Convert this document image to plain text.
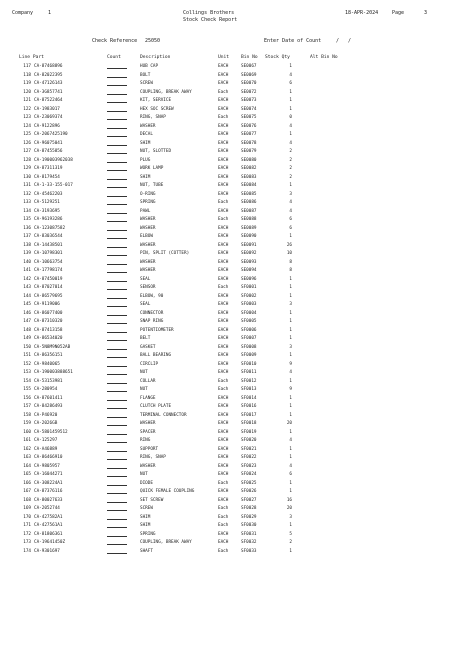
Company	1	Collings Brothers
Stock Check Report
18-APR-2024	Page	3
Check Reference 25050	Enter Date of Count	/   /
Line Part	Count	Description	Unit	Bin No Stock Qty	Alt Bin No
117 CA-87468896	HUB CAP	EACH	SE0067	1
118 CA-82022395	BOLT	EACH	SE0069	4
119 CA-47126143	SCREW	EACH	SE0070	6
120 CA-3G857741	COUPLING, BREAK AWAY	Each	SE0072	1
121 CA-87522464	KIT, SERVICE	EACH	SE0073	1
122 CA-1983017	HEX SOC SCREW	EACH	SE0074	1
123 CA-23069374	RING, SNAP	Each	SE0075	0
124 CA-9122896	WASHER	EACH	SE0076	4
125 CA-2067425190	DECAL	EACH	SE0077	1
126 CA-96075041	SHIM	EACH	SE0078	4
127 CA-87455856	NUT, SLOTTED	EACH	SE0079	2
128 CA-190003962038	PLUG	EACH	SE0080	2
129 CA-87311319	WORK LAMP	EACH	SE0082	2
130 CA-8179454	SHIM	EACH	SE0083	2
131 CA-1-33-155-017	NUT, TUBE	EACH	SE0084	1
132 CA-45462203	O-RING	EACH	SE0085	3
133 CA-5129251	SPRING	Each	SE0086	4
134 CA-3193695	PAWL	EACH	SE0087	4
135 CA-96193286	WASHER	Each	SE0088	6
136 CA-123087582	WASHER	EACH	SE0089	6
137 CA-83036544	ELBOW	EACH	SE0090	1
138 CA-14438501	WASHER	EACH	SE0091	26
139 CA-10798301	PIN, SPLIT (COTTER)	EACH	SE0092	10
140 CA-10663754	WASHER	EACH	SE0093	8
141 CA-17798174	WASHER	EACH	SE0094	8
142 CA-87450019	SEAL	EACH	SE0096	1
143 CA-87027014	SENSOR	Each	SF0001	1
144 CA-86579695	ELBOW, 90	EACH	SF0002	1
145 CA-9119006	SEAL	EACH	SF0003	3
146 CA-86077400	CONNECTOR	EACH	SF0004	1
147 CA-87310320	SNAP RING	EACH	SF0005	1
148 CA-87413158	POTENTIOMETER	EACH	SF0006	1
149 CA-86534020	BELT	EACH	SF0007	1
150 CA-5N8M9N052AB	GASKET	EACH	SF0008	3
151 CA-86356151	BALL BEARING	EACH	SF0009	1
152 CA-9840065	CIRCLIP	EACH	SF0010	9
153 CA-190003888651	NUT	EACH	SF0011	4
154 CA-53153981	COLLAR	Each	SF0012	1
155 CA-280954	NUT	Each	SF0013	9
156 CA-87601411	FLANGE	EACH	SF0014	1
157 CA-84286493	CLUTCH PLATE	EACH	SF0016	1
158 CA-P46920	TERMINAL CONNECTOR	EACH	SF0017	1
159 CA-2026GB	WASHER	EACH	SF0018	20
160 CA-5801459512	SPACER	EACH	SF0019	1
161 CA-125297	RING	EACH	SF0020	4
162 CA-A46889	SUPPORT	EACH	SF0021	1
163 CA-86466910	RING, SNAP	EACH	SF0022	1
164 CA-9805957	WASHER	EACH	SF0023	4
165 CA-16044271	NUT	EACH	SF0024	6
166 CA-308224A1	DIODE	Each	SF0025	1
167 CA-87376116	QUICK FEMALE COUPLING	EACH	SF0026	1
168 CA-80027633	SET SCREW	EACH	SF0027	16
169 CA-2052744	SCREW	Each	SF0028	20
170 CA-427582A1	SHIM	Each	SF0029	3
171 CA-427561A1	SHIM	Each	SF0030	1
172 CA-81806361	SPRING	EACH	SF0031	5
173 CA-19641450Z	COUPLING, BREAK AWAY	EACH	SF0032	2
174 CA-9301697	SHAFT	Each	SF0033	1
